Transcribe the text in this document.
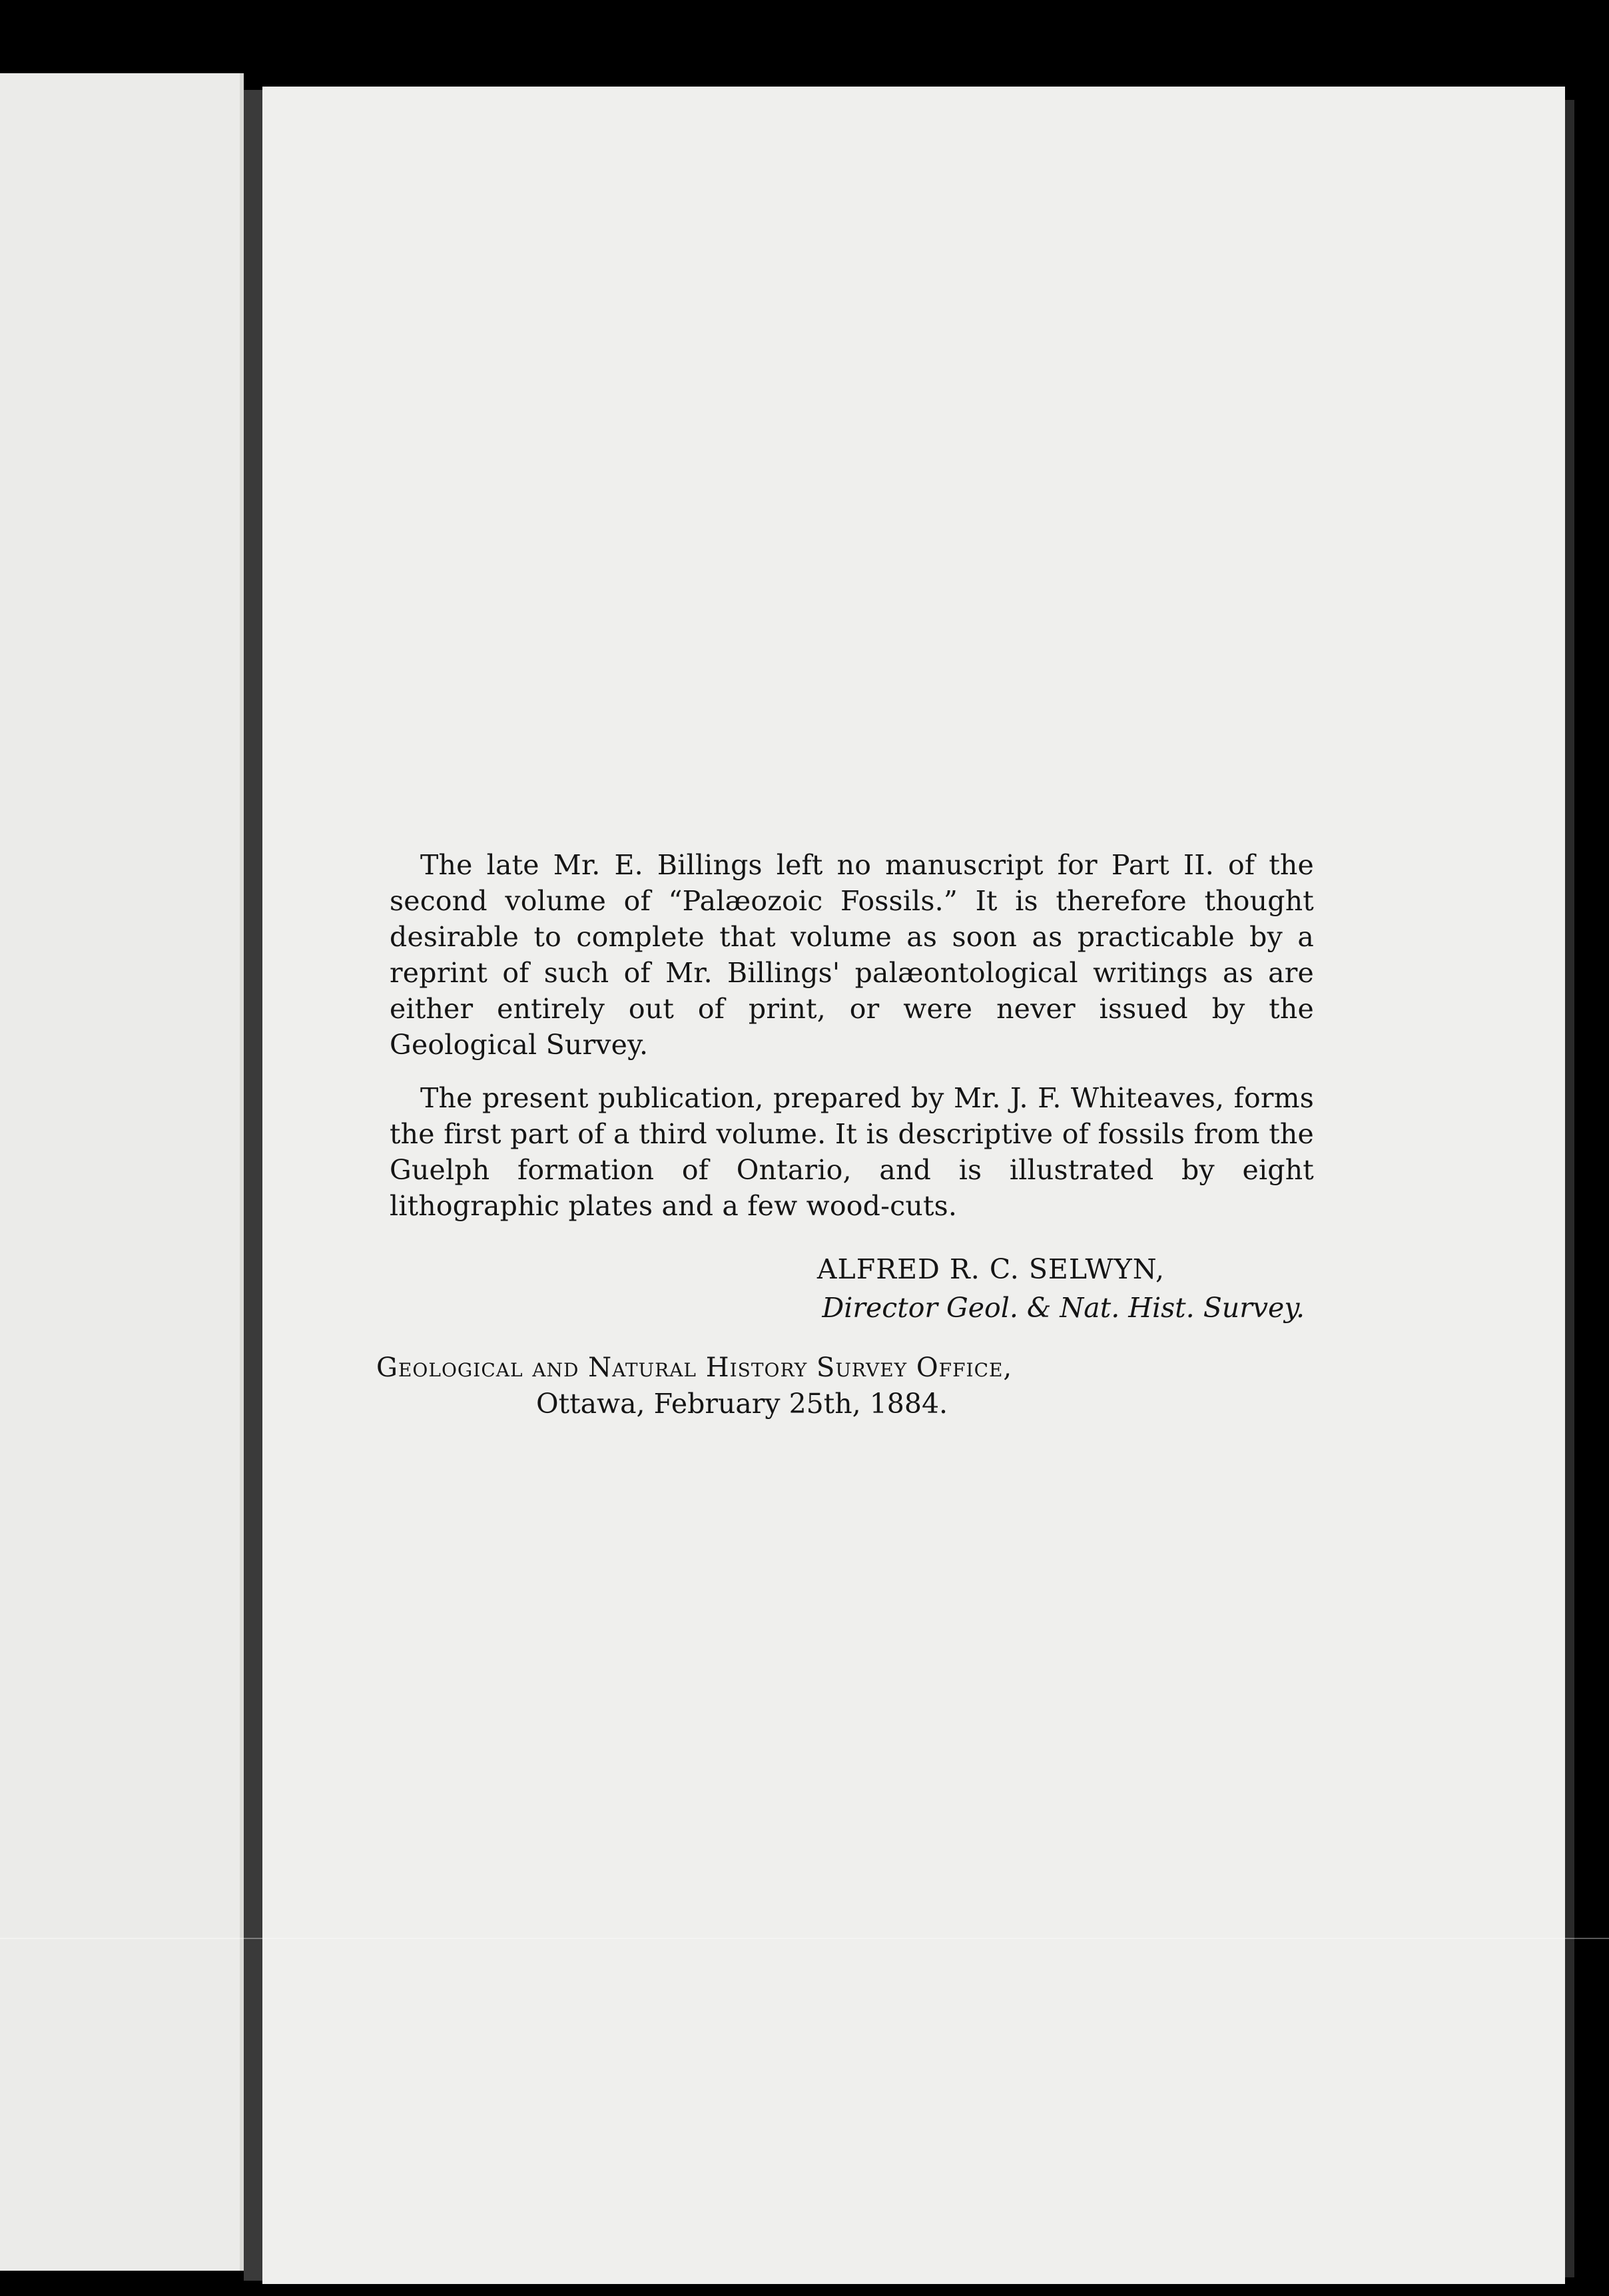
The late Mr. E. Billings left no manuscript for Part II. of the second volume of “Palæozoic Fossils.” It is therefore thought desirable to complete that volume as soon as practicable by a reprint of such of Mr. Billings' palæontological writings as are either entirely out of print, or were never issued by the Geological Survey.

The present publication, prepared by Mr. J. F. Whiteaves, forms the first part of a third volume. It is descriptive of fossils from the Guelph formation of Ontario, and is illustrated by eight lithographic plates and a few wood-cuts.

ALFRED R. C. SELWYN,
Director Geol. & Nat. Hist. Survey.
Geological and Natural History Survey Office,
Ottawa, February 25th, 1884.
